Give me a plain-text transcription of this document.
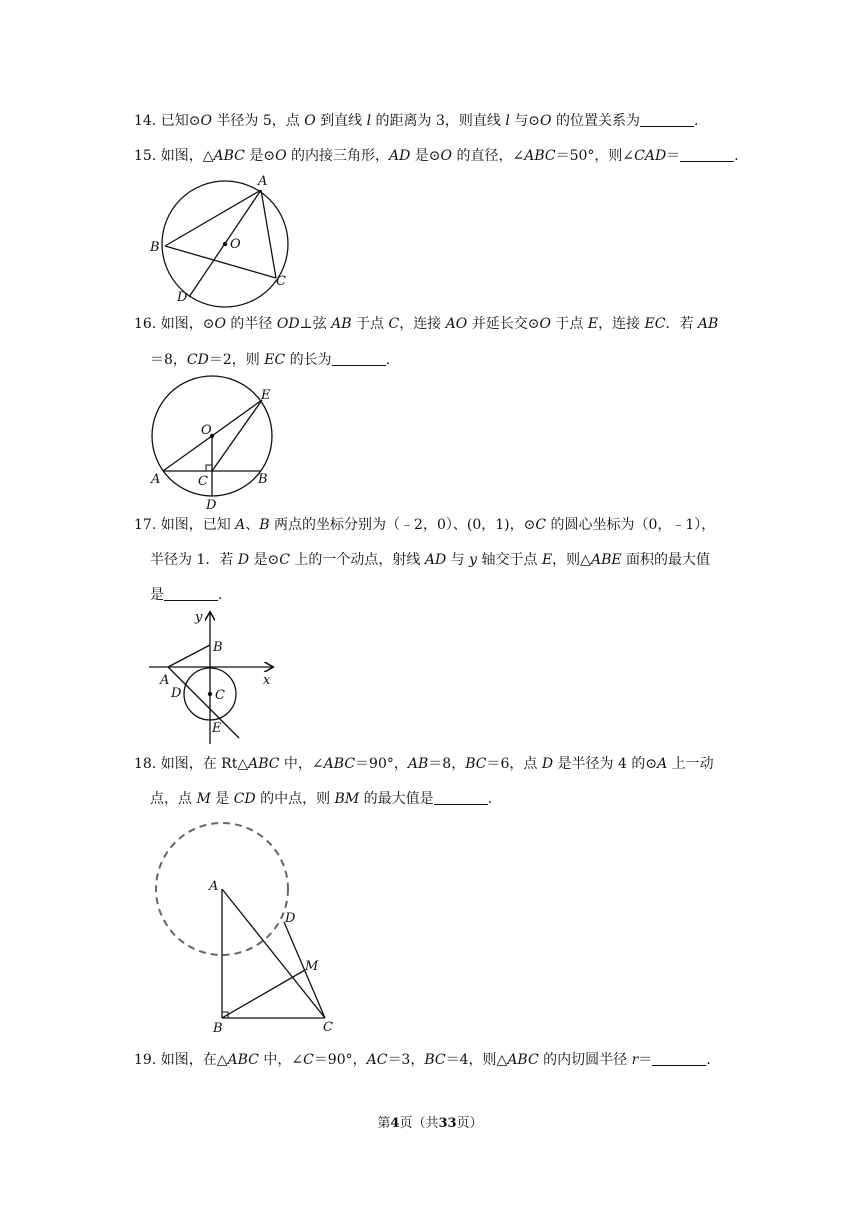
14. 已知⊙O 半径为 5，点 O 到直线 l 的距离为 3，则直线 l 与⊙O 的位置关系为	.
15. 如图，△ABC 是⊙O 的内接三角形，AD 是⊙O 的直径，∠ABC＝50°，则∠CAD＝	.
A
B
C
D
O
16. 如图，⊙O 的半径 OD⊥弦 AB 于点 C，连接 AO 并延长交⊙O 于点 E，连接 EC．若 AB
＝8，CD＝2，则 EC 的长为	.
O
E
A	C	B
D
17. 如图，已知 A、B 两点的坐标分别为（﹣2，0）、(0，1)，⊙C 的圆心坐标为（0，﹣1），
半径为 1．若 D 是⊙C 上的一个动点，射线 AD 与 y 轴交于点 E，则△ABE 面积的最大值
是	.
y
x
B
A
D	C
E
18. 如图，在 Rt△ABC 中，∠ABC＝90°，AB＝8，BC＝6，点 D 是半径为 4 的⊙A 上一动
点，点 M 是 CD 的中点，则 BM 的最大值是	.
A
D
M
B	C
19. 如图，在△ABC 中，∠C＝90°，AC＝3，BC＝4，则△ABC 的内切圆半径 r＝	.
第4页（共33页）
